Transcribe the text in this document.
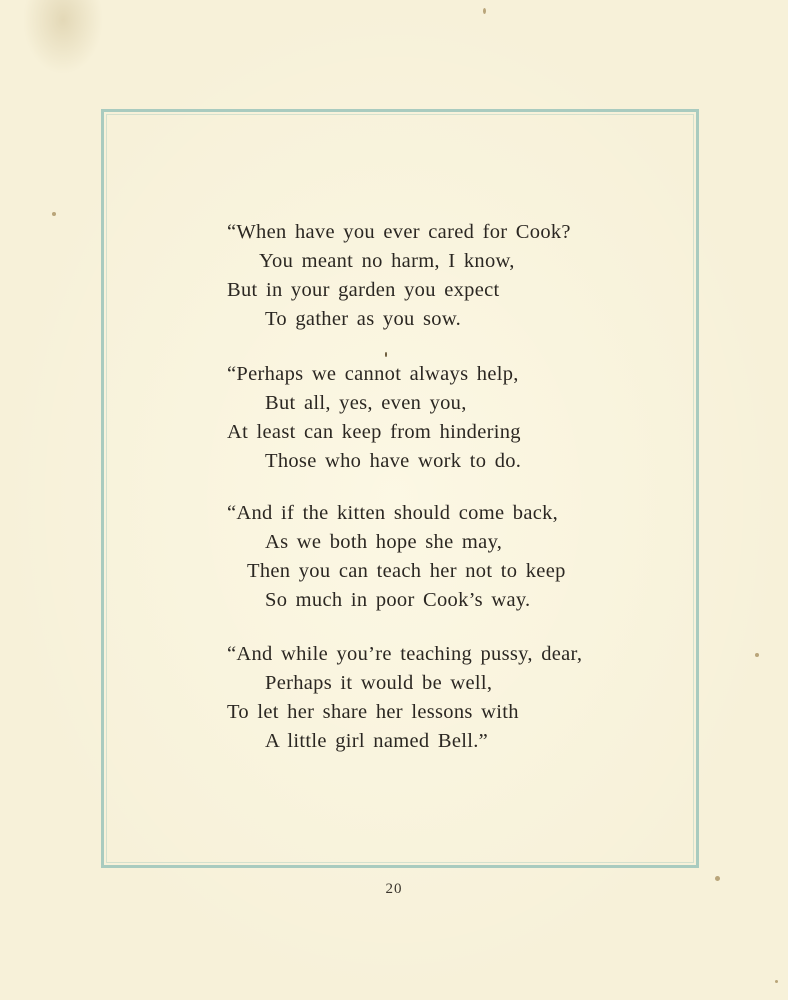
“When have you ever cared for Cook?
You meant no harm, I know,
But in your garden you expect
To gather as you sow.
“Perhaps we cannot always help,
But all, yes, even you,
At least can keep from hindering
Those who have work to do.
“And if the kitten should come back,
As we both hope she may,
Then you can teach her not to keep
So much in poor Cook’s way.
“And while you’re teaching pussy, dear,
Perhaps it would be well,
To let her share her lessons with
A little girl named Bell.”
20
